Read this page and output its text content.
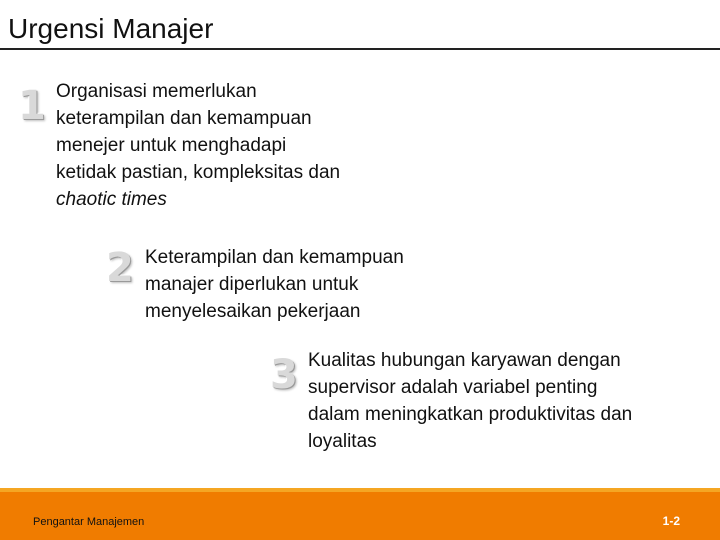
Urgensi Manajer
1 Organisasi memerlukan
keterampilan dan kemampuan
menejer untuk menghadapi
ketidak pastian, kompleksitas dan
chaotic times
2 Keterampilan dan kemampuan
manajer diperlukan untuk
menyelesaikan pekerjaan
3 Kualitas hubungan karyawan dengan
supervisor adalah variabel penting
dalam meningkatkan produktivitas dan
loyalitas
Pengantar Manajemen	1-2
